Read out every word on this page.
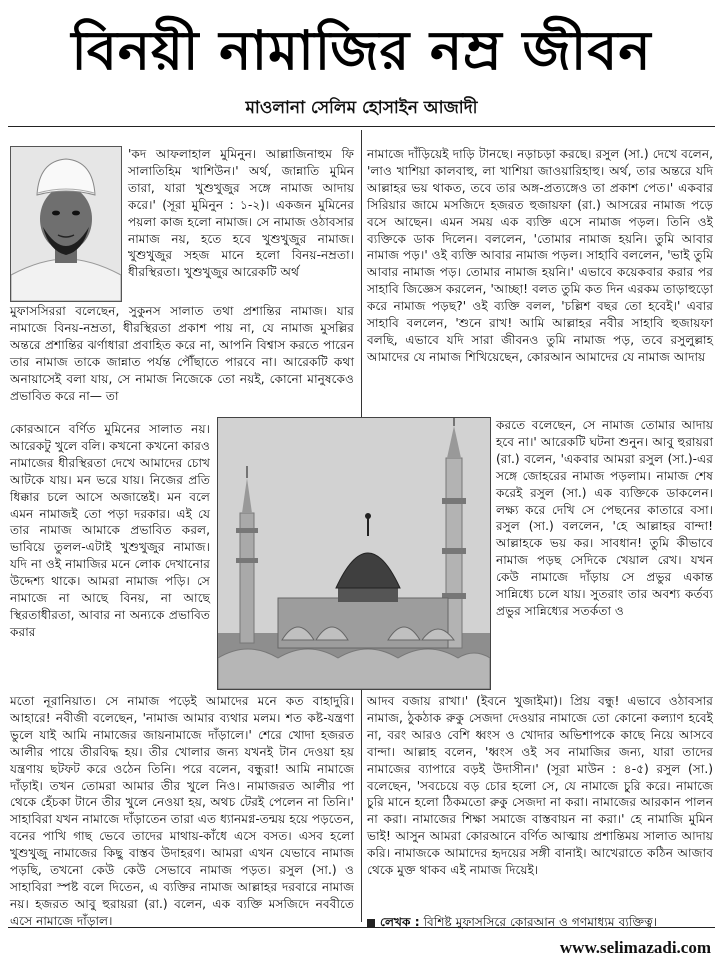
বিনয়ী নামাজির নম্র জীবন
মাওলানা সেলিম হোসাইন আজাদী

'কদ আফলাহাল মুমিনুন। আল্লাজিনাহুম ফি সালাতিহিম খাশিউন।' অর্থ, জান্নাতি মুমিন তারা, যারা খুশুখুজুর সঙ্গে নামাজ আদায় করে।' (সূরা মুমিনুন : ১-২)। একজন মুমিনের পয়লা কাজ হলো নামাজ। সে নামাজ ওঠাবসার নামাজ নয়, হতে হবে খুশুখুজুর নামাজ। খুশুখুজুর সহজ মানে হলো বিনয়-নম্রতা। ধীরস্থিরতা। খুশুখুজুর আরেকটি অর্থ

মুফাসসিররা বলেছেন, সুকুনস সালাত তথা প্রশান্তির নামাজ। যার নামাজে বিনয়-নম্রতা, ধীরস্থিরতা প্রকাশ পায় না, যে নামাজ মুসল্লির অন্তরে প্রশান্তির ঝর্ণাধারা প্রবাহিত করে না, আপনি বিশ্বাস করতে পারেন তার নামাজ তাকে জান্নাত পর্যন্ত পৌঁছাতে পারবে না। আরেকটি কথা অনায়াসেই বলা যায়, সে নামাজ নিজেকে তো নয়ই, কোনো মানুষকেও প্রভাবিত করে না— তা

কোরআনে বর্ণিত মুমিনের সালাত নয়। আরেকটু খুলে বলি। কখনো কখনো কারও নামাজের ধীরস্থিরতা দেখে আমাদের চোখ আটকে যায়। মন ভরে যায়। নিজের প্রতি ধিক্কার চলে আসে অজান্তেই। মন বলে এমন নামাজই তো পড়া দরকার। এই যে তার নামাজ আমাকে প্রভাবিত করল, ভাবিয়ে তুলল-এটাই খুশুখুজুর নামাজ। যদি না ওই নামাজির মনে লোক দেখানোর উদ্দেশ্য থাকে। আমরা নামাজ পড়ি। সে নামাজে না আছে বিনয়, না আছে স্থিরতাধীরতা, আবার না অন্যকে প্রভাবিত করার

মতো নূরানিয়াত। সে নামাজ পড়েই আমাদের মনে কত বাহাদুরি। আহারে! নবীজী বলেছেন, 'নামাজ আমার ব্যথার মলম। শত কষ্ট-যন্ত্রণা ভুলে যাই আমি নামাজের জায়নামাজে দাঁড়ালে।' শেরে খোদা হজরত আলীর পায়ে তীরবিদ্ধ হয়। তীর খোলার জন্য যখনই টান দেওয়া হয় যন্ত্রণায় ছটফট করে ওঠেন তিনি। পরে বলেন, বন্ধুরা! আমি নামাজে দাঁড়াই। তখন তোমরা আমার তীর খুলে নিও। নামাজরত আলীর পা থেকে হেঁচকা টানে তীর খুলে নেওয়া হয়, অথচ টেরই পেলেন না তিনি।' সাহাবিরা যখন নামাজে দাঁড়াতেন তারা এত ধ্যানমগ্ন-তন্ময় হয়ে পড়তেন, বনের পাখি গাছ ভেবে তাদের মাথায়-কাঁধে এসে বসত। এসব হলো খুশুখুজু নামাজের কিছু বাস্তব উদাহরণ। আমরা এখন যেভাবে নামাজ পড়ছি, তখনো কেউ কেউ সেভাবে নামাজ পড়ত। রসুল (সা.) ও সাহাবিরা স্পষ্ট বলে দিতেন, এ ব্যক্তির নামাজ আল্লাহর দরবারে নামাজ নয়। হজরত আবু হুরায়রা (রা.) বলেন, এক ব্যক্তি মসজিদে নববীতে এসে নামাজে দাঁড়াল।

নামাজে দাঁড়িয়েই দাড়ি টানছে। নড়াচড়া করছে। রসুল (সা.) দেখে বলেন, 'লাও খাশিয়া কালবাহু, লা খাশিয়া জাওয়ারিহাহু। অর্থ, তার অন্তরে যদি আল্লাহর ভয় থাকত, তবে তার অঙ্গ-প্রত্যঙ্গেও তা প্রকাশ পেত।' একবার সিরিয়ার জামে মসজিদে হজরত হুজায়ফা (রা.) আসরের নামাজ পড়ে বসে আছেন। এমন সময় এক ব্যক্তি এসে নামাজ পড়ল। তিনি ওই ব্যক্তিকে ডাক দিলেন। বললেন, 'তোমার নামাজ হয়নি। তুমি আবার নামাজ পড়।' ওই ব্যক্তি আবার নামাজ পড়ল। সাহাবি বললেন, 'ভাই তুমি আবার নামাজ পড়। তোমার নামাজ হয়নি।' এভাবে কয়েকবার করার পর সাহাবি জিজ্ঞেস করলেন, 'আচ্ছা! বলত তুমি কত দিন এরকম তাড়াহুড়ো করে নামাজ পড়ছ?' ওই ব্যক্তি বলল, 'চল্লিশ বছর তো হবেই।' এবার সাহাবি বললেন, 'শুনে রাখ! আমি আল্লাহর নবীর সাহাবি হুজায়ফা বলছি, এভাবে যদি সারা জীবনও তুমি নামাজ পড়, তবে রসুলুল্লাহ আমাদের যে নামাজ শিখিয়েছেন, কোরআন আমাদের যে নামাজ আদায়

করতে বলেছেন, সে নামাজ তোমার আদায় হবে না।' আরেকটি ঘটনা শুনুন। আবু হুরায়রা (রা.) বলেন, 'একবার আমরা রসুল (সা.)-এর সঙ্গে জোহরের নামাজ পড়লাম। নামাজ শেষ করেই রসুল (সা.) এক ব্যক্তিকে ডাকলেন। লক্ষ্য করে দেখি সে পেছনের কাতারে বসা। রসুল (সা.) বললেন, 'হে আল্লাহর বান্দা! আল্লাহকে ভয় কর। সাবধান! তুমি কীভাবে নামাজ পড়ছ সেদিকে খেয়াল রেখ। যখন কেউ নামাজে দাঁড়ায় সে প্রভুর একান্ত সান্নিধ্যে চলে যায়। সুতরাং তার অবশ্য কর্তব্য প্রভুর সান্নিধ্যের সতর্কতা ও

আদব বজায় রাখা।' (ইবনে খুজাইমা)। প্রিয় বন্ধু! এভাবে ওঠাবসার নামাজ, ঠুকঠাক রুকু সেজদা দেওয়ার নামাজে তো কোনো কল্যাণ হবেই না, বরং আরও বেশি ধ্বংস ও খোদার অভিশাপকে কাছে নিয়ে আসবে বান্দা। আল্লাহ বলেন, 'ধ্বংস ওই সব নামাজির জন্য, যারা তাদের নামাজের ব্যাপারে বড়ই উদাসীন।' (সূরা মাউন : ৪-৫) রসুল (সা.) বলেছেন, 'সবচেয়ে বড় চোর হলো সে, যে নামাজে চুরি করে। নামাজে চুরি মানে হলো ঠিকমতো রুকু সেজদা না করা। নামাজের আরকান পালন না করা। নামাজের শিক্ষা সমাজে বাস্তবায়ন না করা।' হে নামাজি মুমিন ভাই! আসুন আমরা কোরআনে বর্ণিত আত্মায় প্রশান্তিময় সালাত আদায় করি। নামাজকে আমাদের হৃদয়ের সঙ্গী বানাই। আখেরাতে কঠিন আজাব থেকে মুক্ত থাকব এই নামাজ দিয়েই।

লেখক : বিশিষ্ট মুফাসসিরে কোরআন ও গণমাধ্যম ব্যক্তিত্ব।
www.selimazadi.com
